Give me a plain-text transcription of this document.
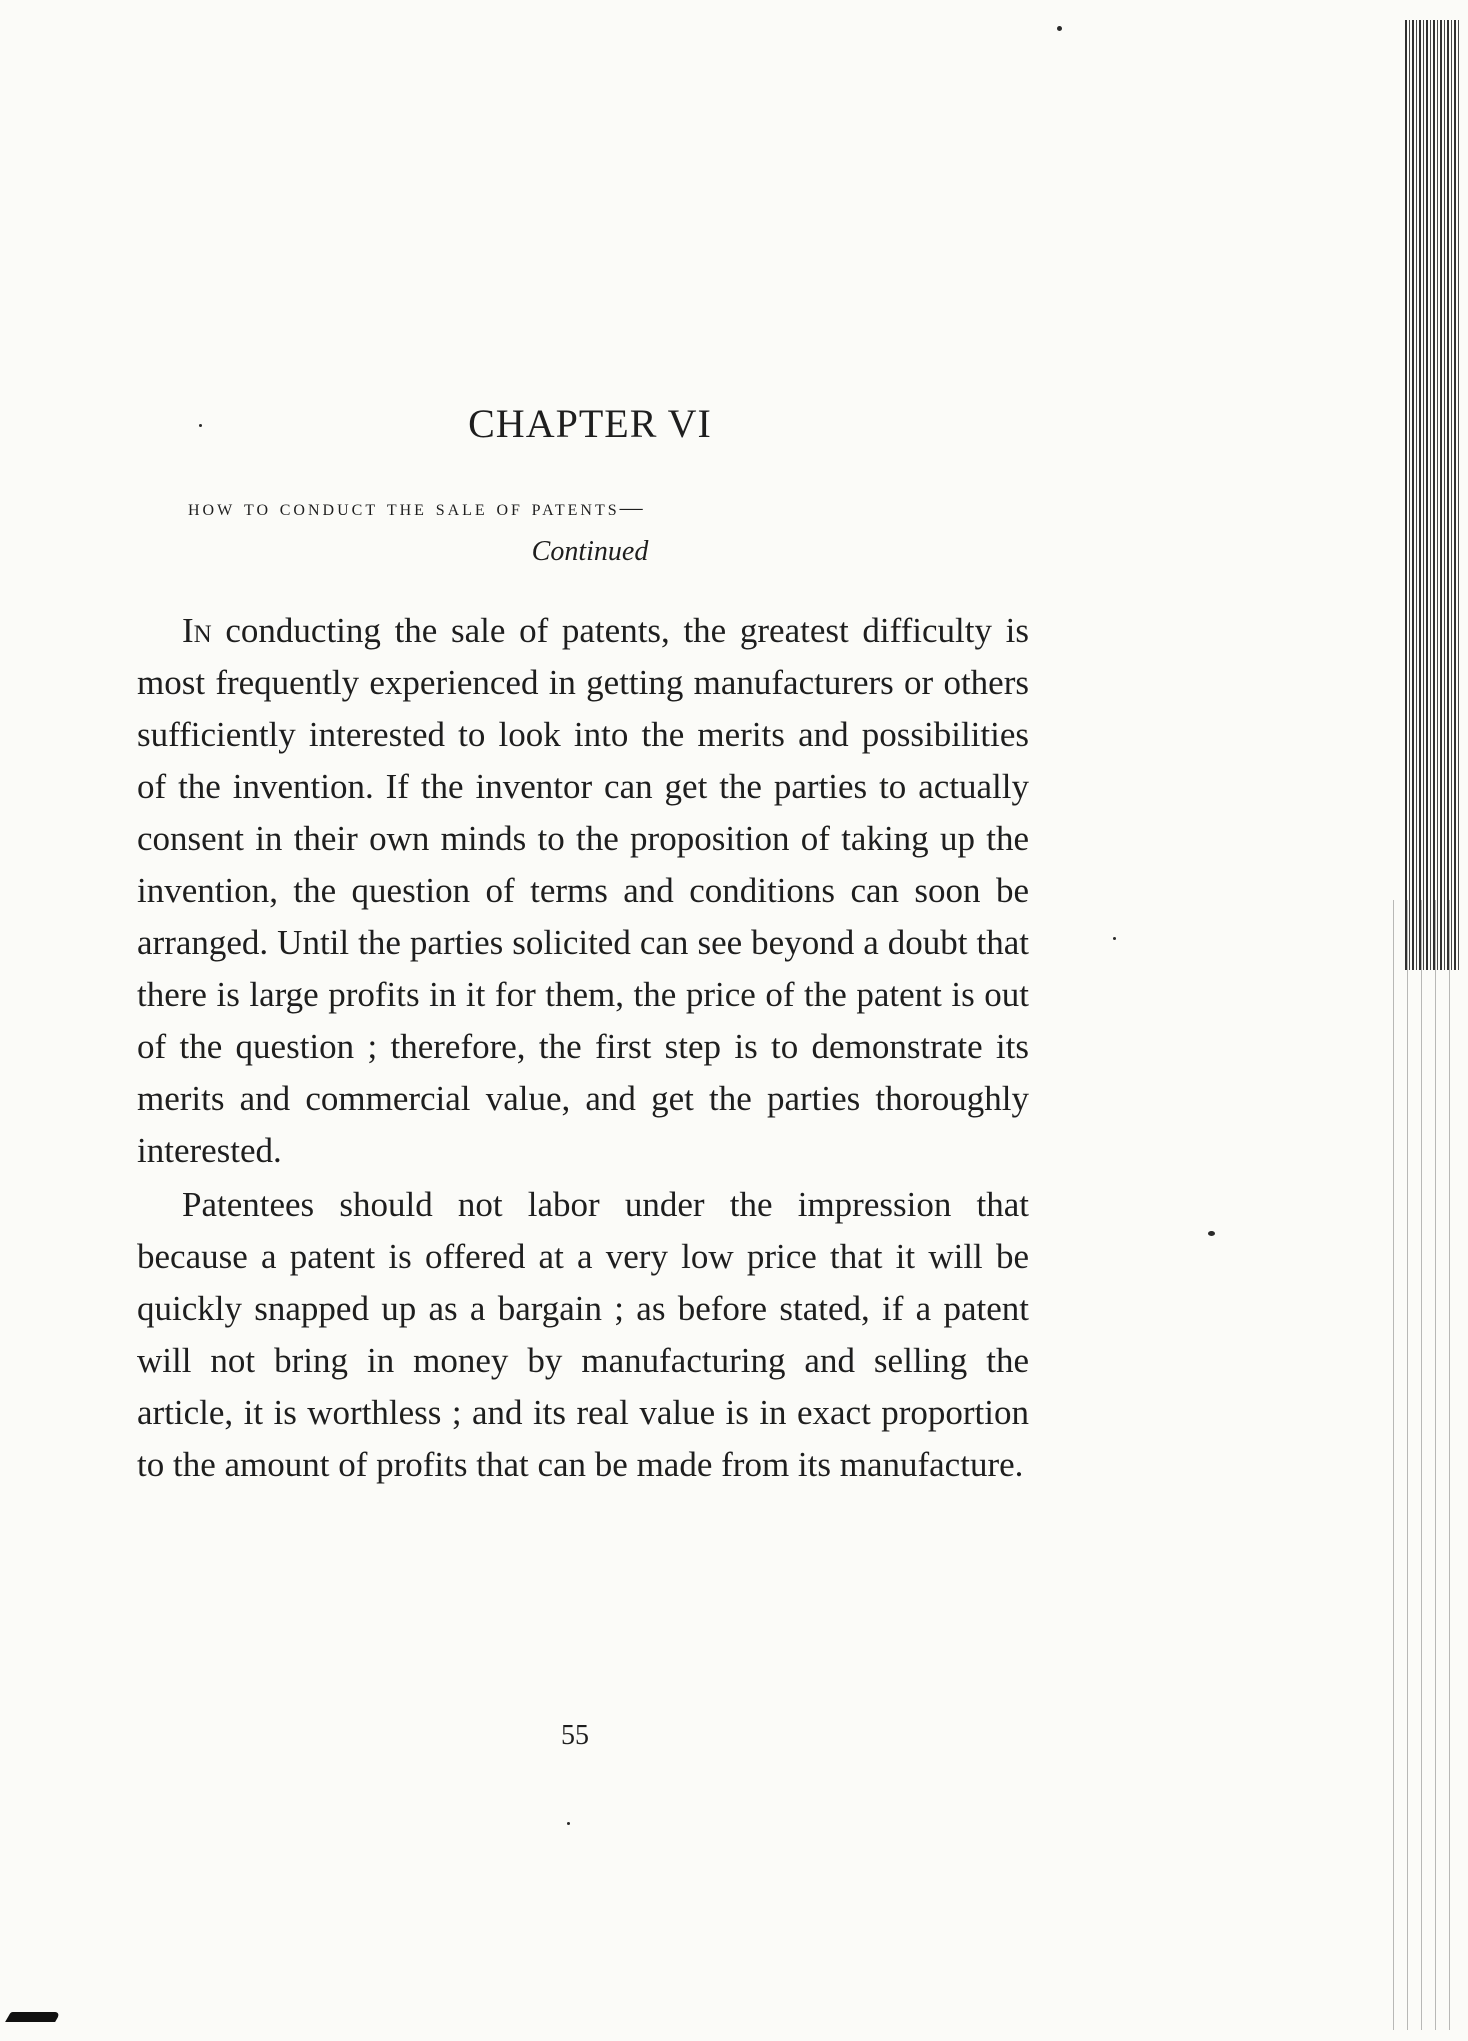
CHAPTER VI
how to conduct the sale of patents—
Continued

In conducting the sale of patents, the greatest difficulty is most frequently experienced in getting manufacturers or others sufficiently interested to look into the merits and possibilities of the invention. If the inventor can get the parties to actually consent in their own minds to the proposition of taking up the invention, the question of terms and conditions can soon be arranged. Until the parties solicited can see beyond a doubt that there is large profits in it for them, the price of the patent is out of the question ; therefore, the first step is to demonstrate its merits and commercial value, and get the parties thoroughly interested.

Patentees should not labor under the impression that because a patent is offered at a very low price that it will be quickly snapped up as a bargain ; as before stated, if a patent will not bring in money by manufacturing and selling the article, it is worthless ; and its real value is in exact proportion to the amount of profits that can be made from its manufacture.

55
